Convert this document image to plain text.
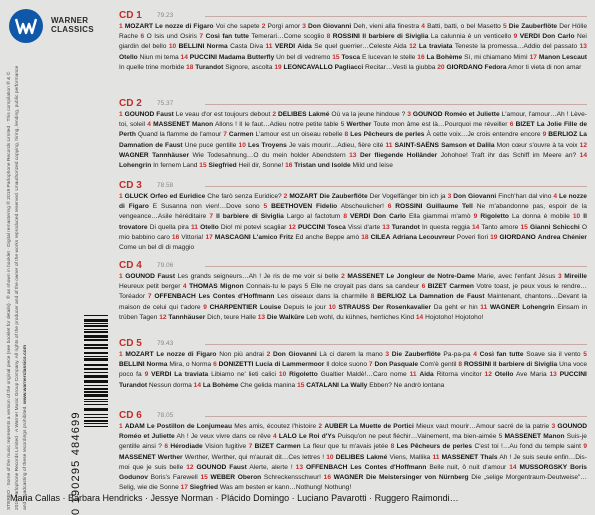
WARNER
CLASSICS
STEREO · Some of the music represents a version of the original piece (see booklet for details) · ℗ as shown in booklet · Digital remastering ℗ 2019 Parlophone Records Limited · This compilation ℗ & © 2019 Parlophone Records Limited · A Warner Music Group Company. All rights of the producer and of the owner of the works reproduced reserved. Unauthorized copying, hiring, lending, public performance and broadcasting of these recordings prohibited. www.warnerclassics.com
0 190295 484699
CD 1 79.23
1 MOZART Le nozze di Figaro Voi che sapete 2 Porgi amor 3 Don Giovanni Deh, vieni alla finestra 4 Batti, batti, o bel Masetto 5 Die Zauberflöte Der Hölle Rache 6 O Isis und Osiris 7 Così fan tutte Temerari…Come scoglio 8 ROSSINI Il barbiere di Siviglia La calunnia è un venticello 9 VERDI Don Carlo Nei giardin del bello 10 BELLINI Norma Casta Diva 11 VERDI Aida Se quel guerrier…Celeste Aida 12 La traviata Teneste la promessa…Addio del passato 13 Otello Niun mi tema 14 PUCCINI Madama Butterfly Un bel dì vedremo 15 Tosca E lucevan le stelle 16 La Bohème Sì, mi chiamano Mimì 17 Manon Lescaut In quelle trine morbide 18 Turandot Signore, ascolta 19 LEONCAVALLO Pagliacci Recitar…Vesti la giubba 20 GIORDANO Fedora Amor ti vieta di non amar
CD 2 75.37
1 GOUNOD Faust Le veau d'or est toujours debout 2 DELIBES Lakmé Où va la jeune hindoue ? 3 GOUNOD Roméo et Juliette L'amour, l'amour…Ah ! Lève-toi, soleil 4 MASSENET Manon Allons ! Il le faut…Adieu notre petite table 5 Werther Toute mon âme est là…Pourquoi me réveiller 6 BIZET La Jolie Fille de Perth Quand la flamme de l'amour 7 Carmen L'amour est un oiseau rebelle 8 Les Pêcheurs de perles À cette voix…Je crois entendre encore 9 BERLIOZ La Damnation de Faust Une puce gentille 10 Les Troyens Je vais mourir…Adieu, fière cité 11 SAINT-SAËNS Samson et Dalila Mon cœur s'ouvre à ta voix 12 WAGNER Tannhäuser Wie Todesahnung…O du mein holder Abendstern 13 Der fliegende Holländer Johohoe! Traft ihr das Schiff im Meere an? 14 Lohengrin In fernem Land 15 Siegfried Heil dir, Sonne! 16 Tristan und Isolde Mild und leise
CD 3 78.58
1 GLUCK Orfeo ed Euridice Che farò senza Euridice? 2 MOZART Die Zauberflöte Der Vogelfänger bin ich ja 3 Don Giovanni Finch'han dal vino 4 Le nozze di Figaro E Susanna non vien!…Dove sono 5 BEETHOVEN Fidelio Abscheulicher! 6 ROSSINI Guillaume Tell Ne m'abandonne pas, espoir de la vengeance…Asile héréditaire 7 Il barbiere di Siviglia Largo al factotum 8 VERDI Don Carlo Ella giammai m'amò 9 Rigoletto La donna è mobile 10 Il trovatore Di quella pira 11 Otello Dio! mi potevi scagliar 12 PUCCINI Tosca Vissi d'arte 13 Turandot In questa reggia 14 Tanto amore 15 Gianni Schicchi O mio babbino caro 16 Vittoria! 17 MASCAGNI L'amico Fritz Ed anche Beppe amò 18 CILEA Adriana Lecouvreur Poveri fiori 19 GIORDANO Andrea Chénier Come un bel dì di maggio
CD 4 79.06
1 GOUNOD Faust Les grands seigneurs…Ah ! Je ris de me voir si belle 2 MASSENET Le Jongleur de Notre-Dame Marie, avec l'enfant Jésus 3 Mireille Heureux petit berger 4 THOMAS Mignon Connais-tu le pays 5 Elle ne croyait pas dans sa candeur 6 BIZET Carmen Votre toast, je peux vous le rendre…Toréador 7 OFFENBACH Les Contes d'Hoffmann Les oiseaux dans la charmille 8 BERLIOZ La Damnation de Faust Maintenant, chantons…Devant la maison de celui qui t'adore 9 CHARPENTIER Louise Depuis le jour 10 STRAUSS Der Rosenkavalier Da geht er hin 11 WAGNER Lohengrin Einsam in trüben Tagen 12 Tannhäuser Dich, teure Halle 13 Die Walküre Leb wohl, du kühnes, herrliches Kind 14 Hojotoho! Hojotoho!
CD 5 79.43
1 MOZART Le nozze di Figaro Non più andrai 2 Don Giovanni Là ci darem la mano 3 Die Zauberflöte Pa-pa-pa 4 Così fan tutte Soave sia il vento 5 BELLINI Norma Mira, o Norma 6 DONIZETTI Lucia di Lammermoor Il dolce suono 7 Don Pasquale Com'è gentil 8 ROSSINI Il barbiere di Siviglia Una voce poco fa 9 VERDI La traviata Libiamo ne' lieti calici 10 Rigoletto Gualtier Maldè!…Caro nome 11 Aida Ritorna vincitor 12 Otello Ave Maria 13 PUCCINI Turandot Nessun dorma 14 La Bohème Che gelida manina 15 CATALANI La Wally Ebben? Ne andrò lontana
CD 6 78.05
1 ADAM Le Postillon de Lonjumeau Mes amis, écoutez l'histoire 2 AUBER La Muette de Portici Mieux vaut mourir…Amour sacré de la patrie 3 GOUNOD Roméo et Juliette Ah ! Je veux vivre dans ce rêve 4 LALO Le Roi d'Ys Puisqu'on ne peut fléchir…Vainement, ma bien-aimée 5 MASSENET Manon Suis-je gentille ainsi ? 6 Hérodiade Vision fugitive 7 BIZET Carmen La fleur que tu m'avais jetée 8 Les Pêcheurs de perles C'est toi !…Au fond du temple saint 9 MASSENET Werther Werther, Werther, qui m'aurait dit…Ces lettres ! 10 DELIBES Lakmé Viens, Mallika 11 MASSENET Thaïs Ah ! Je suis seule enfin…Dis-moi que je suis belle 12 GOUNOD Faust Alerte, alerte ! 13 OFFENBACH Les Contes d'Hoffmann Belle nuit, ô nuit d'amour 14 MUSSORGSKY Boris Godunov Boris's Farewell 15 WEBER Oberon Schreckensschwur! 16 WAGNER Die Meistersinger von Nürnberg Die „selige Morgentraum-Deutweise"…Selig, wie die Sonne 17 Siegfried Was am besten er kann…Nothung! Nothung!
Maria Callas · Barbara Hendricks · Jessye Norman · Plácido Domingo · Luciano Pavarotti · Ruggero Raimondi…
